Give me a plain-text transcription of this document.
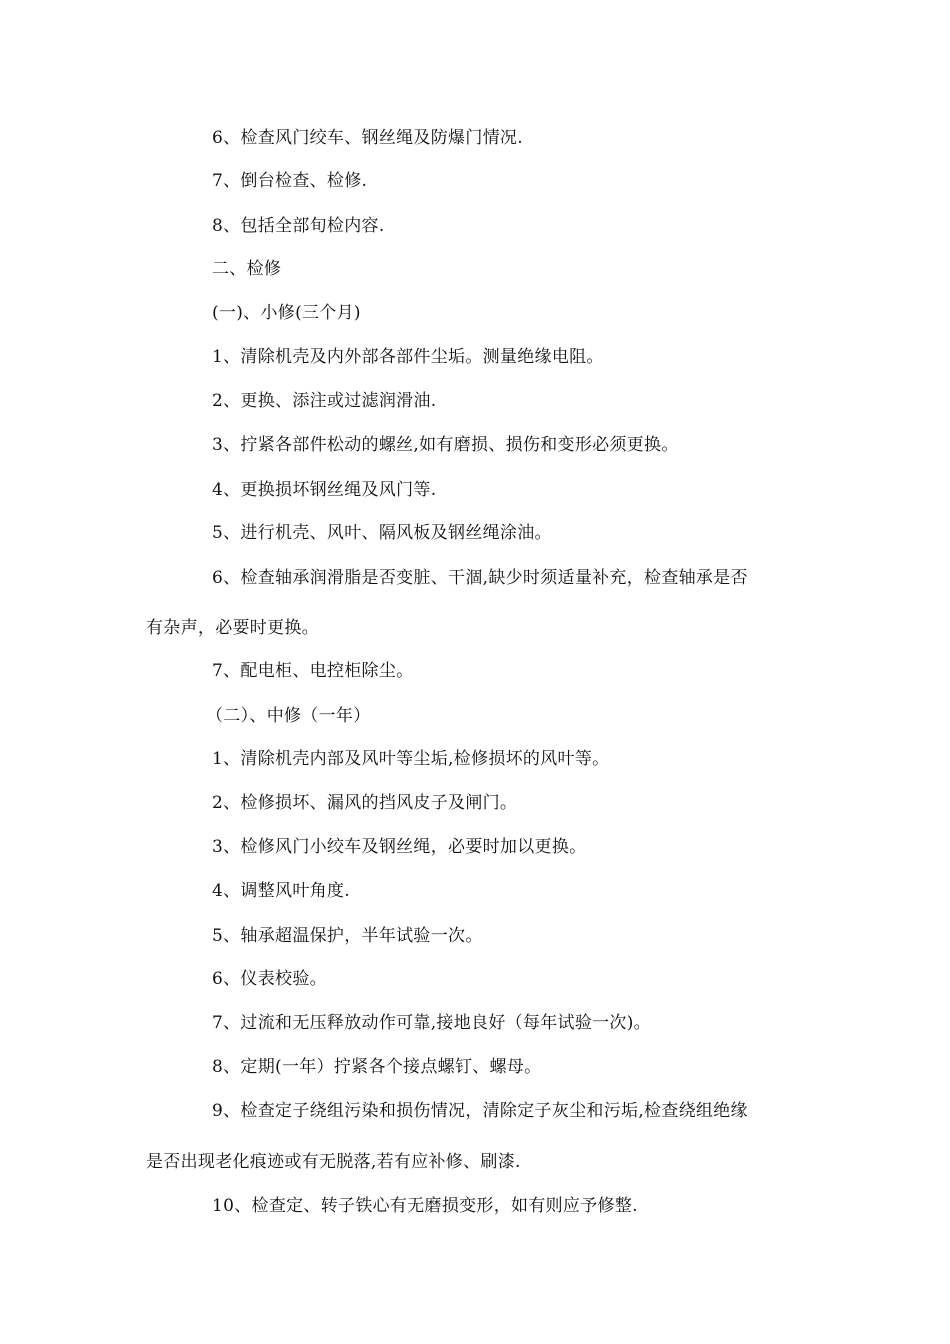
6、检查风门绞车、钢丝绳及防爆门情况.
7、倒台检查、检修.
8、包括全部旬检内容.
二、检修
(一)、小修(三个月)
1、清除机壳及内外部各部件尘垢。测量绝缘电阻。
2、更换、添注或过滤润滑油.
3、拧紧各部件松动的螺丝,如有磨损、损伤和变形必须更换。
4、更换损坏钢丝绳及风门等.
5、进行机壳、风叶、隔风板及钢丝绳涂油。
6、检查轴承润滑脂是否变脏、干涸,缺少时须适量补充，检查轴承是否
有杂声，必要时更换。
7、配电柜、电控柜除尘。
（二）、中修（一年）
1、清除机壳内部及风叶等尘垢,检修损坏的风叶等。
2、检修损坏、漏风的挡风皮子及闸门。
3、检修风门小绞车及钢丝绳，必要时加以更换。
4、调整风叶角度.
5、轴承超温保护，半年试验一次。
6、仪表校验。
7、过流和无压释放动作可靠,接地良好（每年试验一次)。
8、定期(一年）拧紧各个接点螺钉、螺母。
9、检查定子绕组污染和损伤情况，清除定子灰尘和污垢,检查绕组绝缘
是否出现老化痕迹或有无脱落,若有应补修、刷漆.
10、检查定、转子铁心有无磨损变形，如有则应予修整.
